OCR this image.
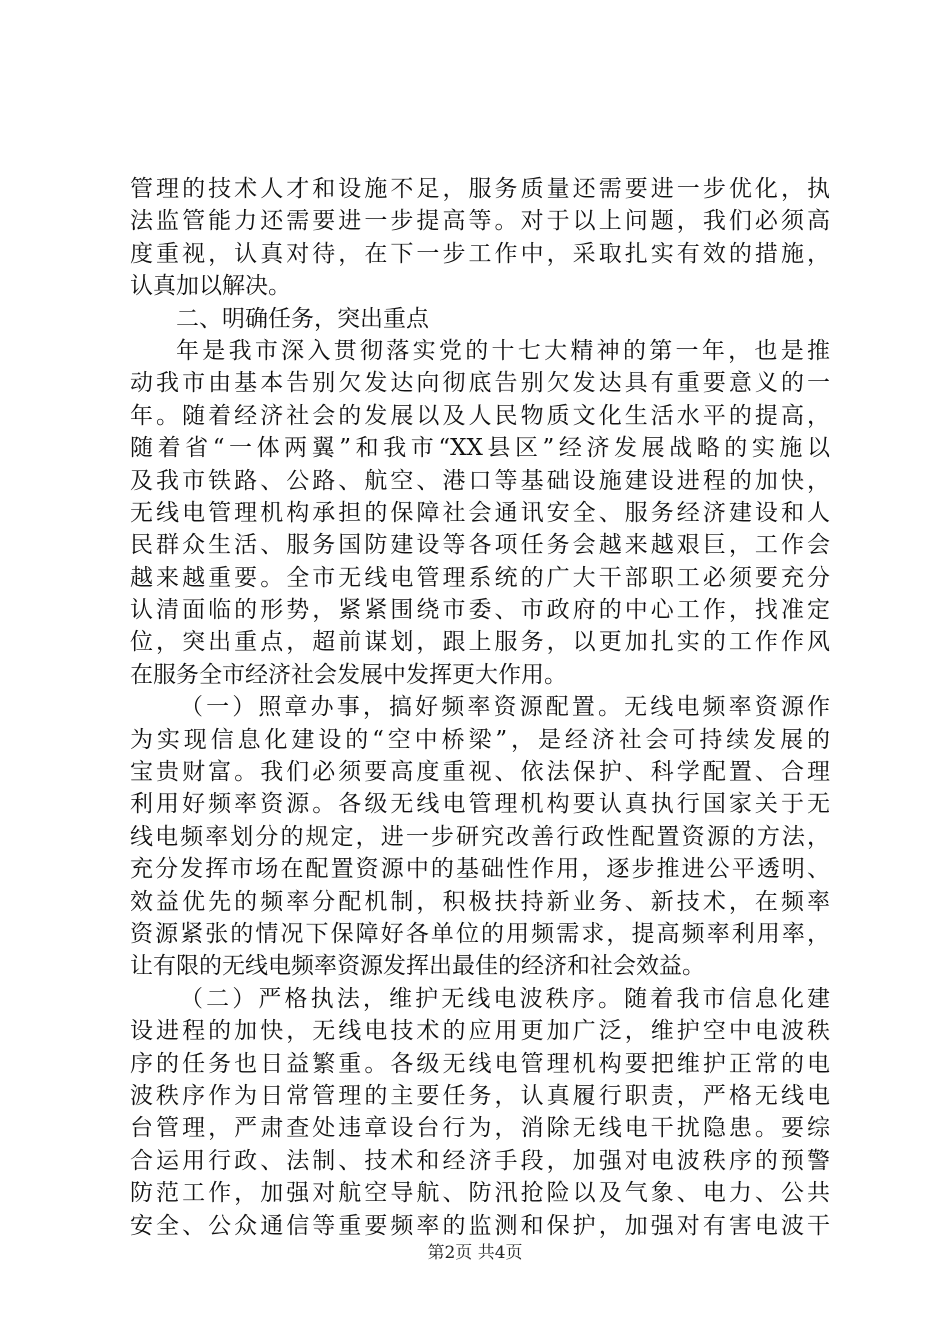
管理的技术人才和设施不足，服务质量还需要进一步优化，执
法监管能力还需要进一步提高等。对于以上问题，我们必须高
度重视，认真对待，在下一步工作中，采取扎实有效的措施，
认真加以解决。
二、明确任务，突出重点
年是我市深入贯彻落实党的十七大精神的第一年，也是推
动我市由基本告别欠发达向彻底告别欠发达具有重要意义的一
年。随着经济社会的发展以及人民物质文化生活水平的提高，
随着省“一体两翼”和我市“XX县区”经济发展战略的实施以
及我市铁路、公路、航空、港口等基础设施建设进程的加快，
无线电管理机构承担的保障社会通讯安全、服务经济建设和人
民群众生活、服务国防建设等各项任务会越来越艰巨，工作会
越来越重要。全市无线电管理系统的广大干部职工必须要充分
认清面临的形势，紧紧围绕市委、市政府的中心工作，找准定
位，突出重点，超前谋划，跟上服务，以更加扎实的工作作风
在服务全市经济社会发展中发挥更大作用。
（一）照章办事，搞好频率资源配置。无线电频率资源作
为实现信息化建设的“空中桥梁”，是经济社会可持续发展的
宝贵财富。我们必须要高度重视、依法保护、科学配置、合理
利用好频率资源。各级无线电管理机构要认真执行国家关于无
线电频率划分的规定，进一步研究改善行政性配置资源的方法，
充分发挥市场在配置资源中的基础性作用，逐步推进公平透明、
效益优先的频率分配机制，积极扶持新业务、新技术，在频率
资源紧张的情况下保障好各单位的用频需求，提高频率利用率，
让有限的无线电频率资源发挥出最佳的经济和社会效益。
（二）严格执法，维护无线电波秩序。随着我市信息化建
设进程的加快，无线电技术的应用更加广泛，维护空中电波秩
序的任务也日益繁重。各级无线电管理机构要把维护正常的电
波秩序作为日常管理的主要任务，认真履行职责，严格无线电
台管理，严肃查处违章设台行为，消除无线电干扰隐患。要综
合运用行政、法制、技术和经济手段，加强对电波秩序的预警
防范工作，加强对航空导航、防汛抢险以及气象、电力、公共
安全、公众通信等重要频率的监测和保护，加强对有害电波干
第2页 共4页
